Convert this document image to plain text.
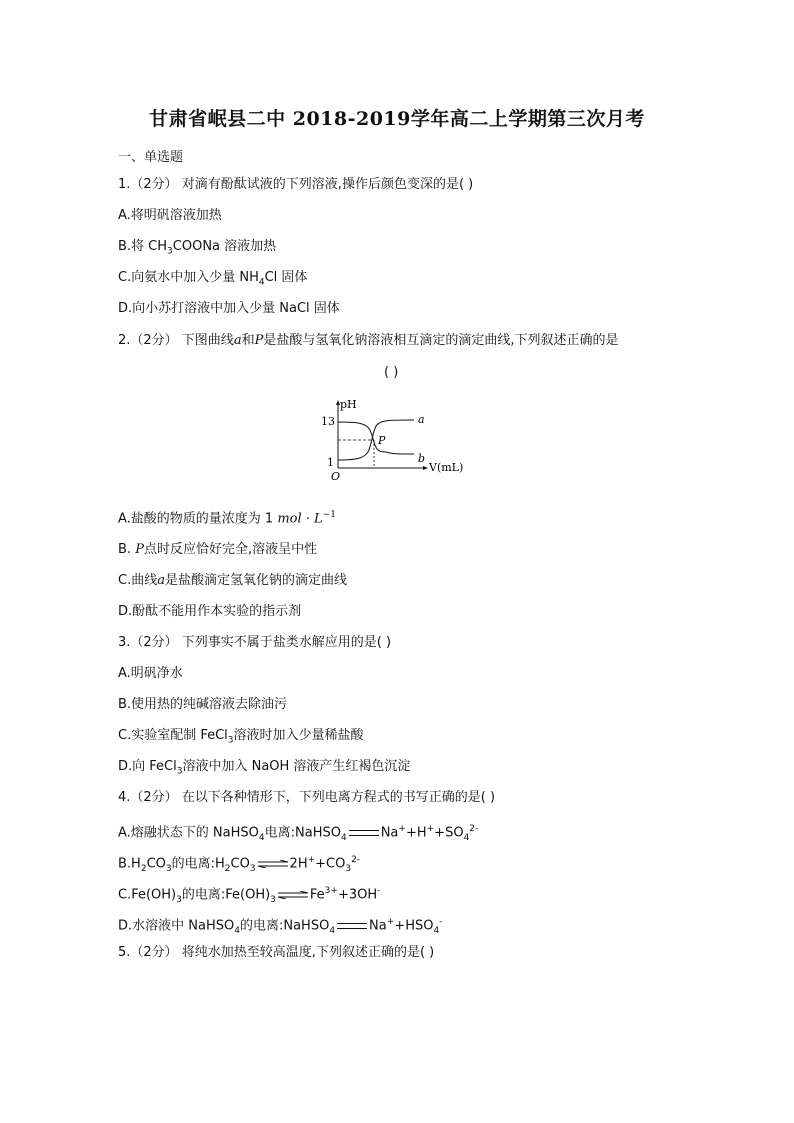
甘肃省岷县二中 2018-2019学年高二上学期第三次月考
一、单选题
1.（2分） 对滴有酚酞试液的下列溶液,操作后颜色变深的是( )
A.将明矾溶液加热
B.将 $CH_3COONa$ 溶液加热
C.向氨水中加入少量 $NH_4Cl$ 固体
D.向小苏打溶液中加入少量 NaCl 固体
2.（2分） 下图曲线a和P是盐酸与氢氧化钠溶液相互滴定的滴定曲线,下列叙述正确的是
( )
pH
13
1
O
V(mL)
a
b
P
A.盐酸的物质的量浓度为 1 mol · $L^{-1}$
B. P点时反应恰好完全,溶液呈中性
C.曲线a是盐酸滴定氢氧化钠的滴定曲线
D.酚酞不能用作本实验的指示剂
3.（2分） 下列事实不属于盐类水解应用的是( )
A.明矾净水
B.使用热的纯碱溶液去除油污
C.实验室配制 FeCl$_3$溶液时加入少量稀盐酸
D.向 FeCl$_3$溶液中加入 NaOH 溶液产生红褐色沉淀
4.（2分） 在以下各种情形下，下列电离方程式的书写正确的是( )
A.熔融状态下的 NaHSO$_4$电离:NaHSO$_4$	$Na^++H^++SO_4^{2-}$
$B.H_2CO_3$的电离$:H_2CO_3$ ⇌ $2H^++CO_3^{2-}$
$C.Fe(OH)_3$的电离$:Fe(OH)_3$ ⇌ $Fe^{3+}+3OH^-$
D.水溶液中 NaHSO$_4$的电离:NaHSO$_4$	$Na^++HSO_4^-$
5.（2分） 将纯水加热至较高温度,下列叙述正确的是( )
